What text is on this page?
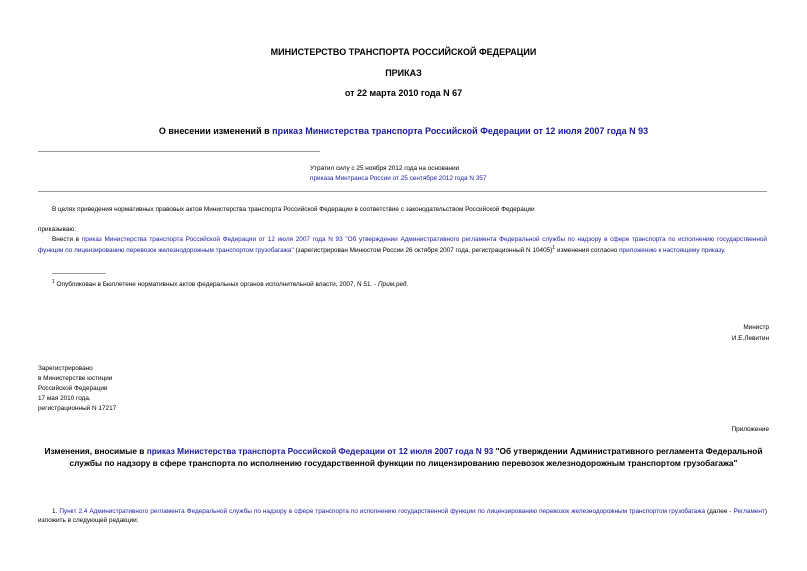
МИНИСТЕРСТВО ТРАНСПОРТА РОССИЙСКОЙ ФЕДЕРАЦИИ
ПРИКАЗ
от 22 марта 2010 года N 67
О внесении изменений в приказ Министерства транспорта Российской Федерации от 12 июля 2007 года N 93
Утратил силу с 25 ноября 2012 года на основании
приказа Минтранса России от 25 сентября 2012 года N 357
В целях приведения нормативных правовых актов Министерства транспорта Российской Федерации в соответствие с законодательством Российской Федерации
приказываю:
Внести в приказ Министерства транспорта Российской Федерации от 12 июля 2007 года N 93 "Об утверждении Административного регламента Федеральной службы по надзору в сфере транспорта по исполнению государственной функции по лицензированию перевозок железнодорожным транспортом грузобагажа" (зарегистрирован Минюстом России 26 октября 2007 года, регистрационный N 10405)$^1$ изменения согласно приложению к настоящему приказу.
$^1$ Опубликован в Бюллетене нормативных актов федеральных органов исполнительной власти, 2007, N 51. - Прим.ред.
Министр
И.Е.Левитин
Зарегистрировано
в Министерстве юстиции
Российской Федерации
17 мая 2010 года,
регистрационный N 17217
Приложение
Изменения, вносимые в приказ Министерства транспорта Российской Федерации от 12 июля 2007 года N 93 "Об утверждении Административного регламента Федеральной службы по надзору в сфере транспорта по исполнению государственной функции по лицензированию перевозок железнодорожным транспортом грузобагажа"
1. Пункт 2.4 Административного регламента Федеральной службы по надзору в сфере транспорта по исполнению государственной функции по лицензированию перевозок железнодорожным транспортом грузобагажа (далее - Регламент) изложить в следующей редакции:
